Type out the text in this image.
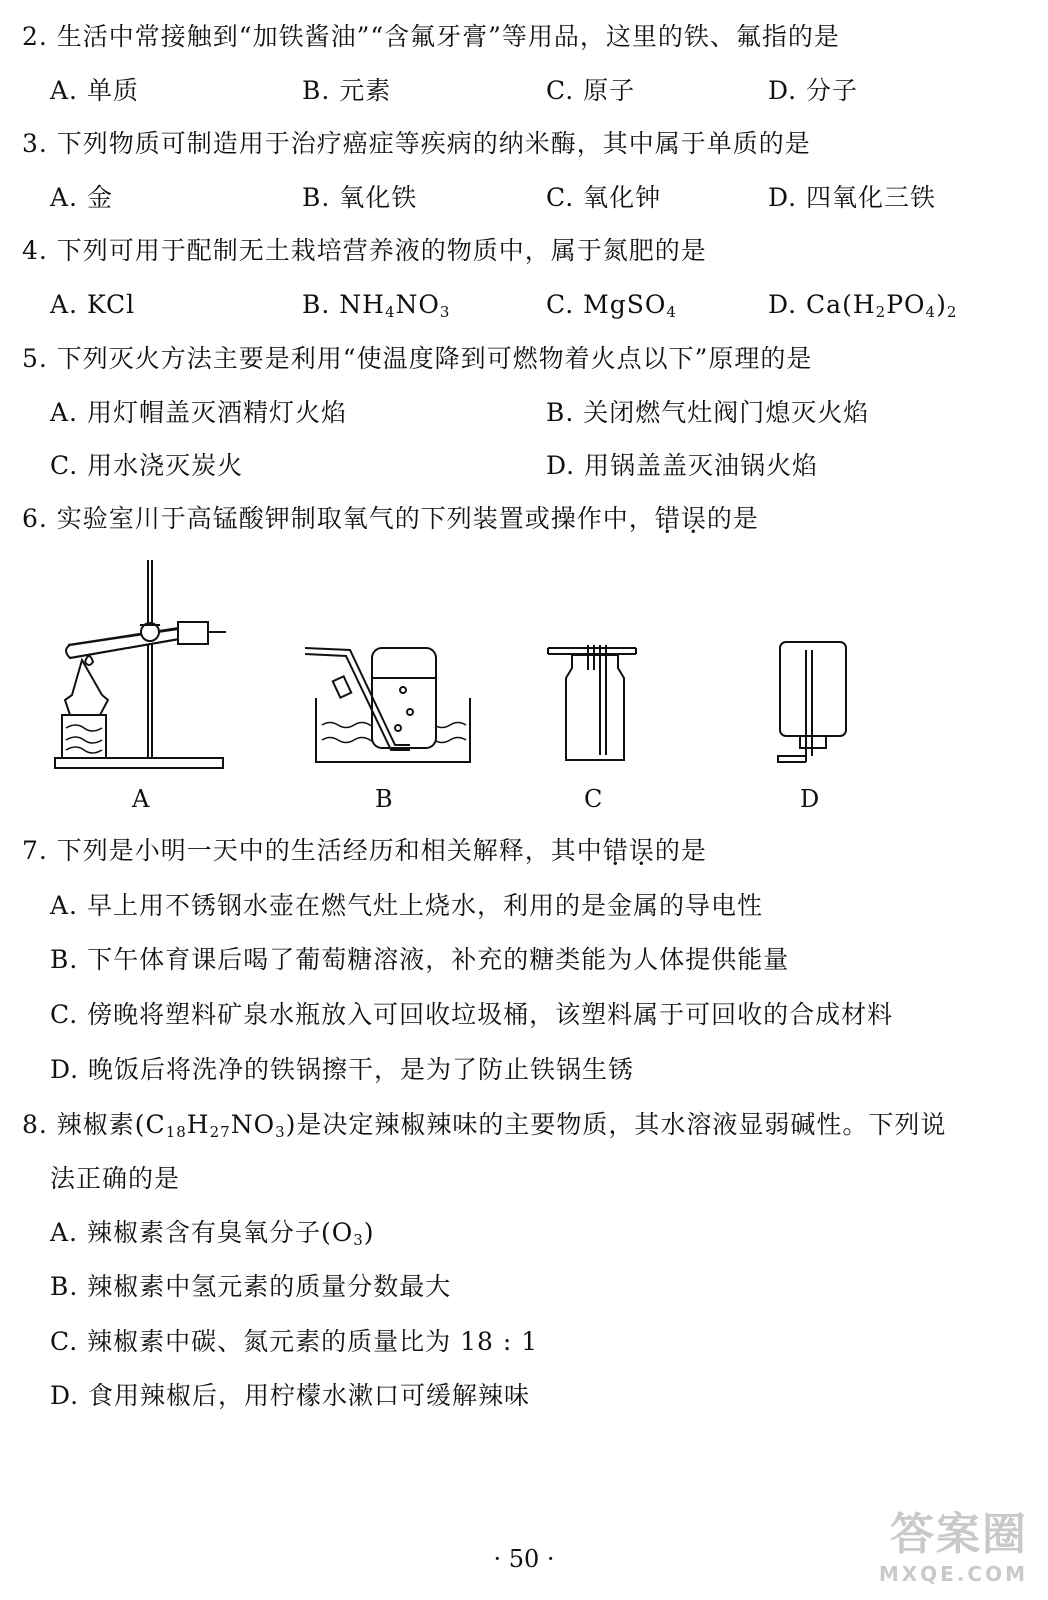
2. 生活中常接触到“加铁酱油”“含氟牙膏”等用品，这里的铁、氟指的是
A. 单质	B. 元素	C. 原子	D. 分子
3. 下列物质可制造用于治疗癌症等疾病的纳米酶，其中属于单质的是
A. 金	B. 氧化铁	C. 氧化钟	D. 四氧化三铁
4. 下列可用于配制无土栽培营养液的物质中，属于氮肥的是
A. KCl	B. $NH_4NO_3$	C. MgSO$_4$	D. $Ca(H_2PO_4)_2$
5. 下列灭火方法主要是利用“使温度降到可燃物着火点以下”原理的是
A. 用灯帽盖灭酒精灯火焰	B. 关闭燃气灶阀门熄灭火焰
C. 用水浇灭炭火	D. 用锅盖盖灭油锅火焰
6. 实验室川于高锰酸钾制取氧气的下列装置或操作中，错误的是
A	B	C	D
7. 下列是小明一天中的生活经历和相关解释，其中错误的是
A. 早上用不锈钢水壶在燃气灶上烧水，利用的是金属的导电性
B. 下午体育课后喝了葡萄糖溶液，补充的糖类能为人体提供能量
C. 傍晚将塑料矿泉水瓶放入可回收垃圾桶，该塑料属于可回收的合成材料
D. 晚饭后将洗净的铁锅擦干，是为了防止铁锅生锈
8. 辣椒素$(C_{18}H_{27}NO_3)$是决定辣椒辣味的主要物质，其水溶液显弱碱性。下列说
法正确的是
A. 辣椒素含有臭氧分子$(O_3)$
B. 辣椒素中氢元素的质量分数最大
C. 辣椒素中碳、氮元素的质量比为 18 : 1
D. 食用辣椒后，用柠檬水漱口可缓解辣味
· 50 ·	答案圈
MXQE.COM
